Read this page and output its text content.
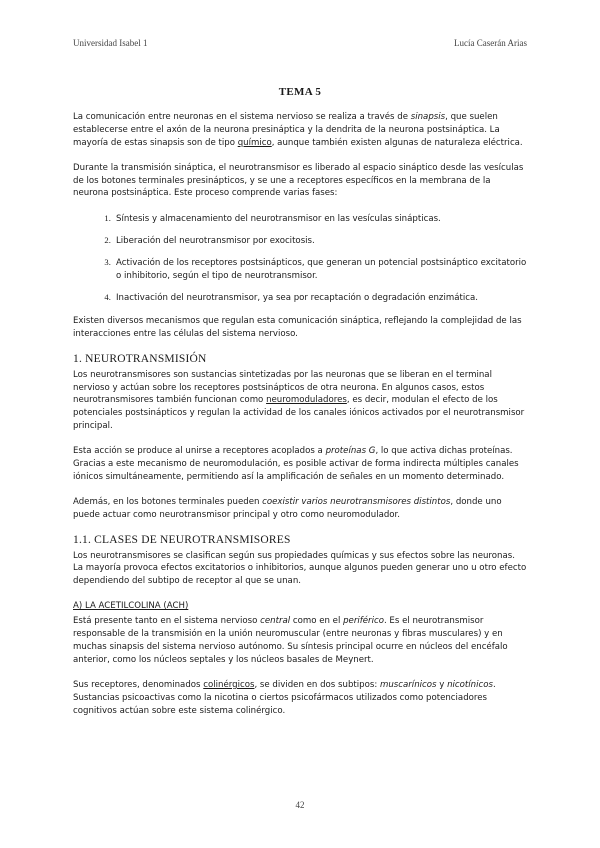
Universidad Isabel 1	Lucía Caserán Arias
TEMA 5

La comunicación entre neuronas en el sistema nervioso se realiza a través de sinapsis, que suelen establecerse entre el axón de la neurona presináptica y la dendrita de la neurona postsináptica. La mayoría de estas sinapsis son de tipo químico, aunque también existen algunas de naturaleza eléctrica.

Durante la transmisión sináptica, el neurotransmisor es liberado al espacio sináptico desde las vesículas de los botones terminales presinápticos, y se une a receptores específicos en la membrana de la neurona postsináptica. Este proceso comprende varias fases:

1. Síntesis y almacenamiento del neurotransmisor en las vesículas sinápticas.
2. Liberación del neurotransmisor por exocitosis.
3. Activación de los receptores postsinápticos, que generan un potencial postsináptico excitatorio o inhibitorio, según el tipo de neurotransmisor.
4. Inactivación del neurotransmisor, ya sea por recaptación o degradación enzimática.

Existen diversos mecanismos que regulan esta comunicación sináptica, reflejando la complejidad de las interacciones entre las células del sistema nervioso.

1. NEUROTRANSMISIÓN

Los neurotransmisores son sustancias sintetizadas por las neuronas que se liberan en el terminal nervioso y actúan sobre los receptores postsinápticos de otra neurona. En algunos casos, estos neurotransmisores también funcionan como neuromoduladores, es decir, modulan el efecto de los potenciales postsinápticos y regulan la actividad de los canales iónicos activados por el neurotransmisor principal.

Esta acción se produce al unirse a receptores acoplados a proteínas G, lo que activa dichas proteínas. Gracias a este mecanismo de neuromodulación, es posible activar de forma indirecta múltiples canales iónicos simultáneamente, permitiendo así la amplificación de señales en un momento determinado.

Además, en los botones terminales pueden coexistir varios neurotransmisores distintos, donde uno puede actuar como neurotransmisor principal y otro como neuromodulador.

1.1. CLASES DE NEUROTRANSMISORES

Los neurotransmisores se clasifican según sus propiedades químicas y sus efectos sobre las neuronas. La mayoría provoca efectos excitatorios o inhibitorios, aunque algunos pueden generar uno u otro efecto dependiendo del subtipo de receptor al que se unan.

A) LA ACETILCOLINA (ACH)

Está presente tanto en el sistema nervioso central como en el periférico. Es el neurotransmisor responsable de la transmisión en la unión neuromuscular (entre neuronas y fibras musculares) y en muchas sinapsis del sistema nervioso autónomo. Su síntesis principal ocurre en núcleos del encéfalo anterior, como los núcleos septales y los núcleos basales de Meynert.

Sus receptores, denominados colinérgicos, se dividen en dos subtipos: muscarínicos y nicotínicos. Sustancias psicoactivas como la nicotina o ciertos psicofármacos utilizados como potenciadores cognitivos actúan sobre este sistema colinérgico.

42
